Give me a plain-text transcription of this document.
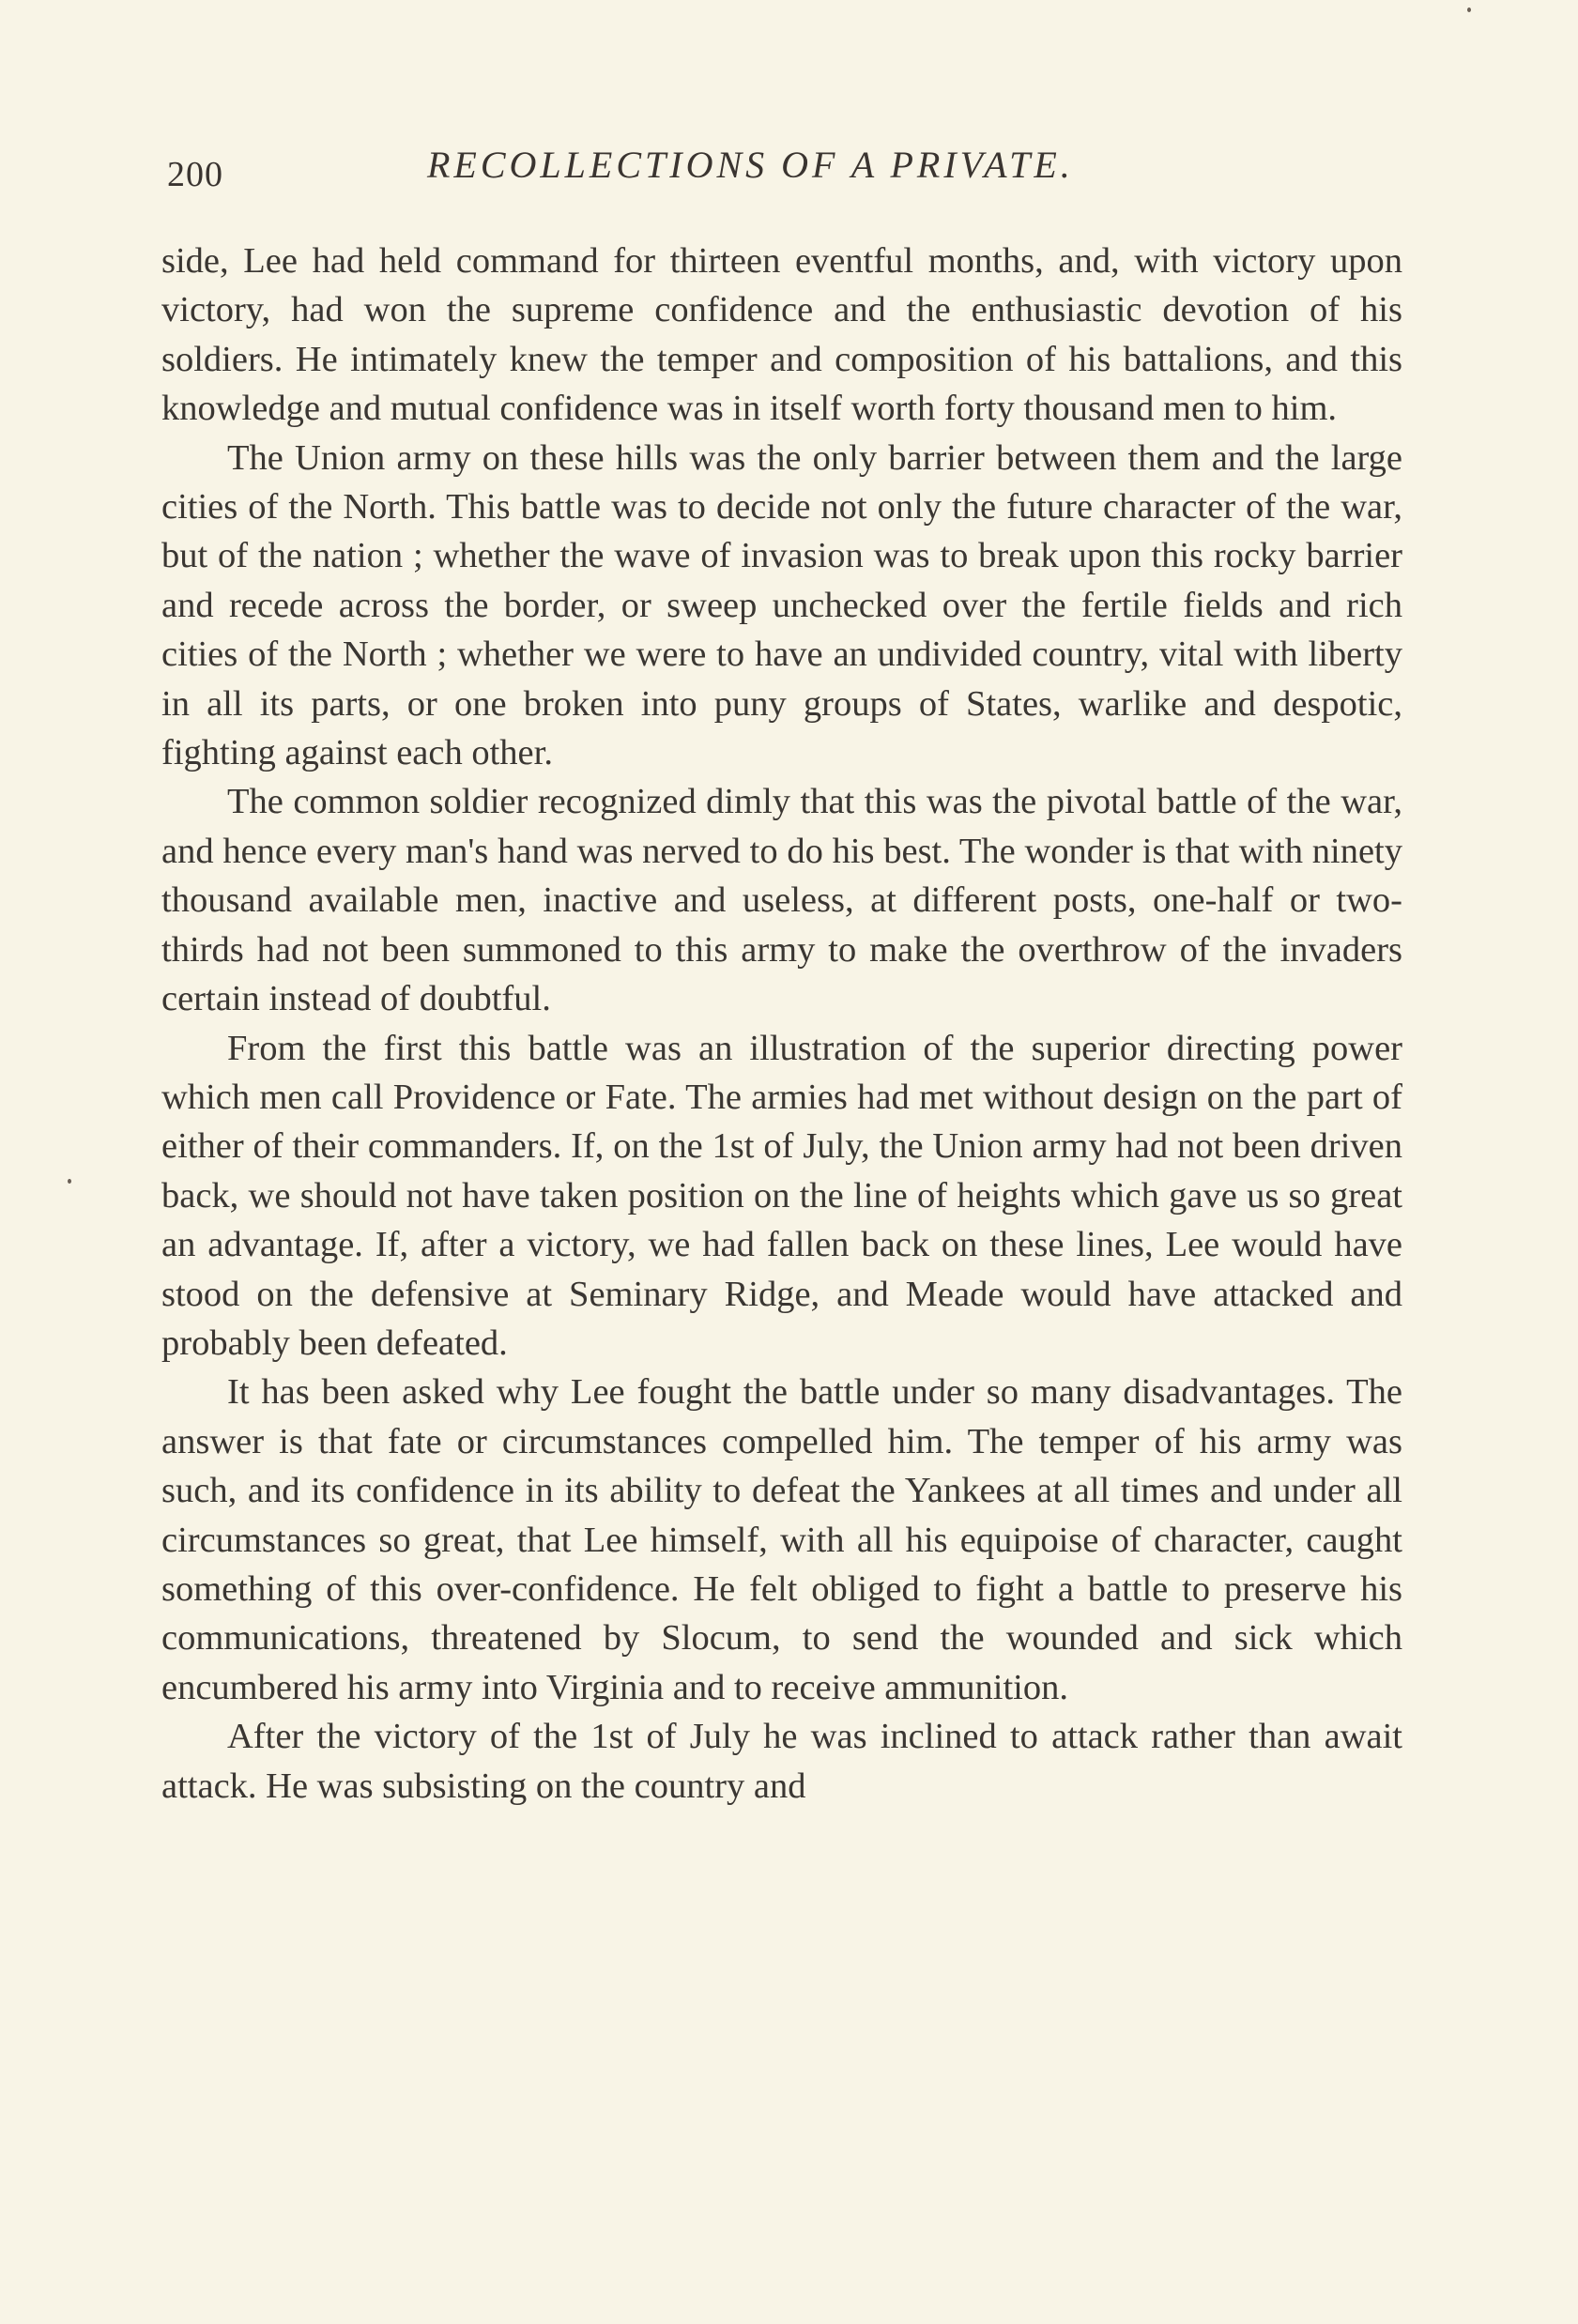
200	RECOLLECTIONS OF A PRIVATE.

side, Lee had held command for thirteen eventful months, and, with victory upon victory, had won the supreme confidence and the enthusiastic devotion of his soldiers. He intimately knew the temper and composition of his battalions, and this knowledge and mutual confidence was in itself worth forty thousand men to him.

The Union army on these hills was the only barrier between them and the large cities of the North. This battle was to decide not only the future character of the war, but of the nation ; whether the wave of invasion was to break upon this rocky barrier and recede across the border, or sweep unchecked over the fertile fields and rich cities of the North ; whether we were to have an undivided country, vital with liberty in all its parts, or one broken into puny groups of States, warlike and despotic, fighting against each other.

The common soldier recognized dimly that this was the pivotal battle of the war, and hence every man's hand was nerved to do his best. The wonder is that with ninety thousand available men, inactive and useless, at different posts, one-half or two-thirds had not been summoned to this army to make the overthrow of the invaders certain instead of doubtful.

From the first this battle was an illustration of the superior directing power which men call Providence or Fate. The armies had met without design on the part of either of their commanders. If, on the 1st of July, the Union army had not been driven back, we should not have taken position on the line of heights which gave us so great an advantage. If, after a victory, we had fallen back on these lines, Lee would have stood on the defensive at Seminary Ridge, and Meade would have attacked and probably been defeated.

It has been asked why Lee fought the battle under so many disadvantages. The answer is that fate or circumstances compelled him. The temper of his army was such, and its confidence in its ability to defeat the Yankees at all times and under all circumstances so great, that Lee himself, with all his equipoise of character, caught something of this over-confidence. He felt obliged to fight a battle to preserve his communications, threatened by Slocum, to send the wounded and sick which encumbered his army into Virginia and to receive ammunition.

After the victory of the 1st of July he was inclined to attack rather than await attack. He was subsisting on the country and
